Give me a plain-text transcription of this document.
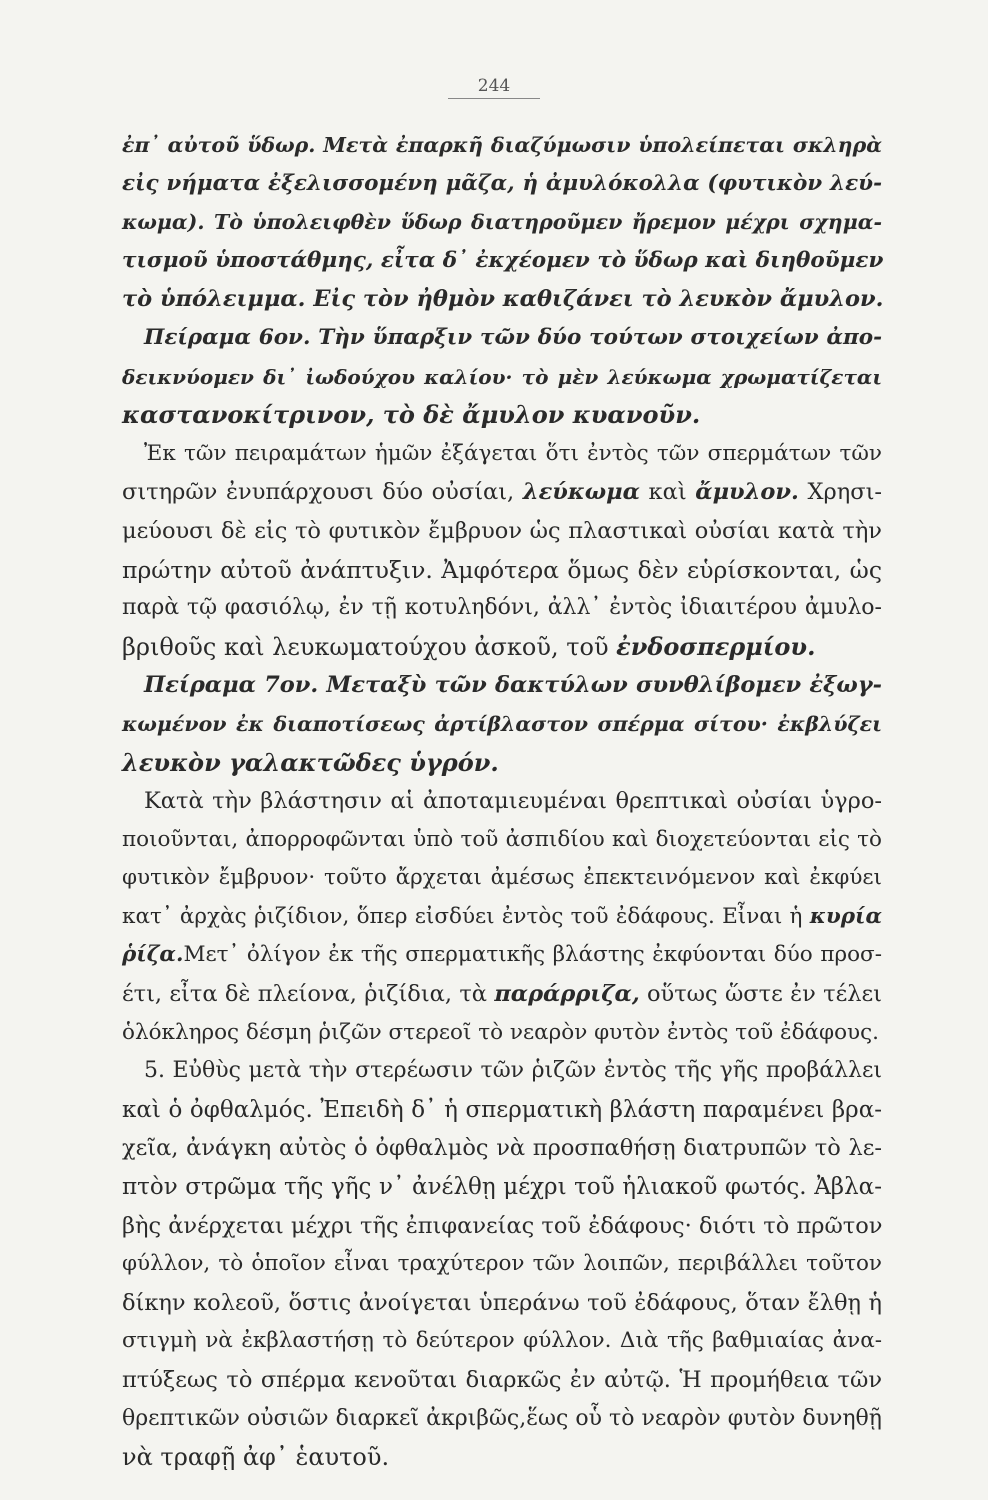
244
ἐπ᾿ αὐτοῦ ὕδωρ. Μετὰ ἐπαρκῆ διαζύμωσιν ὑπολείπεται σκληρὰ
εἰς νήματα ἐξελισσομένη μᾶζα, ἡ ἀμυλόκολλα (φυτικὸν λεύ-
κωμα). Τὸ ὑπολειφθὲν ὕδωρ διατηροῦμεν ἤρεμον μέχρι σχημα-
τισμοῦ ὑποστάθμης, εἶτα δ᾿ ἐκχέομεν τὸ ὕδωρ καὶ διηθοῦμεν
τὸ ὑπόλειμμα. Εἰς τὸν ἠθμὸν καθιζάνει τὸ λευκὸν ἄμυλον.
Πείραμα 6ον. Τὴν ὕπαρξιν τῶν δύο τούτων στοιχείων ἀπο-
δεικνύομεν δι᾿ ἰωδούχου καλίου· τὸ μὲν λεύκωμα χρωματίζεται
καστανοκίτρινον, τὸ δὲ ἄμυλον κυανοῦν.
Ἐκ τῶν πειραμάτων ἡμῶν ἐξάγεται ὅτι ἐντὸς τῶν σπερμάτων τῶν
σιτηρῶν ἐνυπάρχουσι δύο οὐσίαι, λεύκωμα καὶ ἄμυλον. Χρησι-
μεύουσι δὲ εἰς τὸ φυτικὸν ἔμβρυον ὡς πλαστικαὶ οὐσίαι κατὰ τὴν
πρώτην αὐτοῦ ἀνάπτυξιν. Ἀμφότερα ὅμως δὲν εὑρίσκονται, ὡς
παρὰ τῷ φασιόλῳ, ἐν τῇ κοτυληδόνι, ἀλλ᾿ ἐντὸς ἰδιαιτέρου ἀμυλο-
βριθοῦς καὶ λευκωματούχου ἀσκοῦ, τοῦ ἐνδοσπερμίου.
Πείραμα 7ον. Μεταξὺ τῶν δακτύλων συνθλίβομεν ἐξωγ-
κωμένον ἐκ διαποτίσεως ἀρτίβλαστον σπέρμα σίτου· ἐκβλύζει
λευκὸν γαλακτῶδες ὑγρόν.
Κατὰ τὴν βλάστησιν αἱ ἀποταμιευμέναι θρεπτικαὶ οὐσίαι ὑγρο-
ποιοῦνται, ἀπορροφῶνται ὑπὸ τοῦ ἀσπιδίου καὶ διοχετεύονται εἰς τὸ
φυτικὸν ἔμβρυον· τοῦτο ἄρχεται ἀμέσως ἐπεκτεινόμενον καὶ ἐκφύει
κατ᾿ ἀρχὰς ῥιζίδιον, ὅπερ εἰσδύει ἐντὸς τοῦ ἐδάφους. Εἶναι ἡ κυρία
ῥίζα.Μετ᾿ ὀλίγον ἐκ τῆς σπερματικῆς βλάστης ἐκφύονται δύο προσ-
έτι, εἶτα δὲ πλείονα, ῥιζίδια, τὰ παράρριζα, οὕτως ὥστε ἐν τέλει
ὁλόκληρος δέσμη ῥιζῶν στερεοῖ τὸ νεαρὸν φυτὸν ἐντὸς τοῦ ἐδάφους.
5. Εὐθὺς μετὰ τὴν στερέωσιν τῶν ῥιζῶν ἐντὸς τῆς γῆς προβάλλει
καὶ ὁ ὀφθαλμός. Ἐπειδὴ δ᾿ ἡ σπερματικὴ βλάστη παραμένει βρα-
χεῖα, ἀνάγκη αὐτὸς ὁ ὀφθαλμὸς νὰ προσπαθήσῃ διατρυπῶν τὸ λε-
πτὸν στρῶμα τῆς γῆς ν᾿ ἀνέλθῃ μέχρι τοῦ ἡλιακοῦ φωτός. Ἀβλα-
βὴς ἀνέρχεται μέχρι τῆς ἐπιφανείας τοῦ ἐδάφους· διότι τὸ πρῶτον
φύλλον, τὸ ὁποῖον εἶναι τραχύτερον τῶν λοιπῶν, περιβάλλει τοῦτον
δίκην κολεοῦ, ὅστις ἀνοίγεται ὑπεράνω τοῦ ἐδάφους, ὅταν ἔλθῃ ἡ
στιγμὴ νὰ ἐκβλαστήσῃ τὸ δεύτερον φύλλον. Διὰ τῆς βαθμιαίας ἀνα-
πτύξεως τὸ σπέρμα κενοῦται διαρκῶς ἐν αὐτῷ. Ἡ προμήθεια τῶν
θρεπτικῶν οὐσιῶν διαρκεῖ ἀκριβῶς,ἕως οὗ τὸ νεαρὸν φυτὸν δυνηθῇ
νὰ τραφῇ ἀφ᾿ ἑαυτοῦ.
